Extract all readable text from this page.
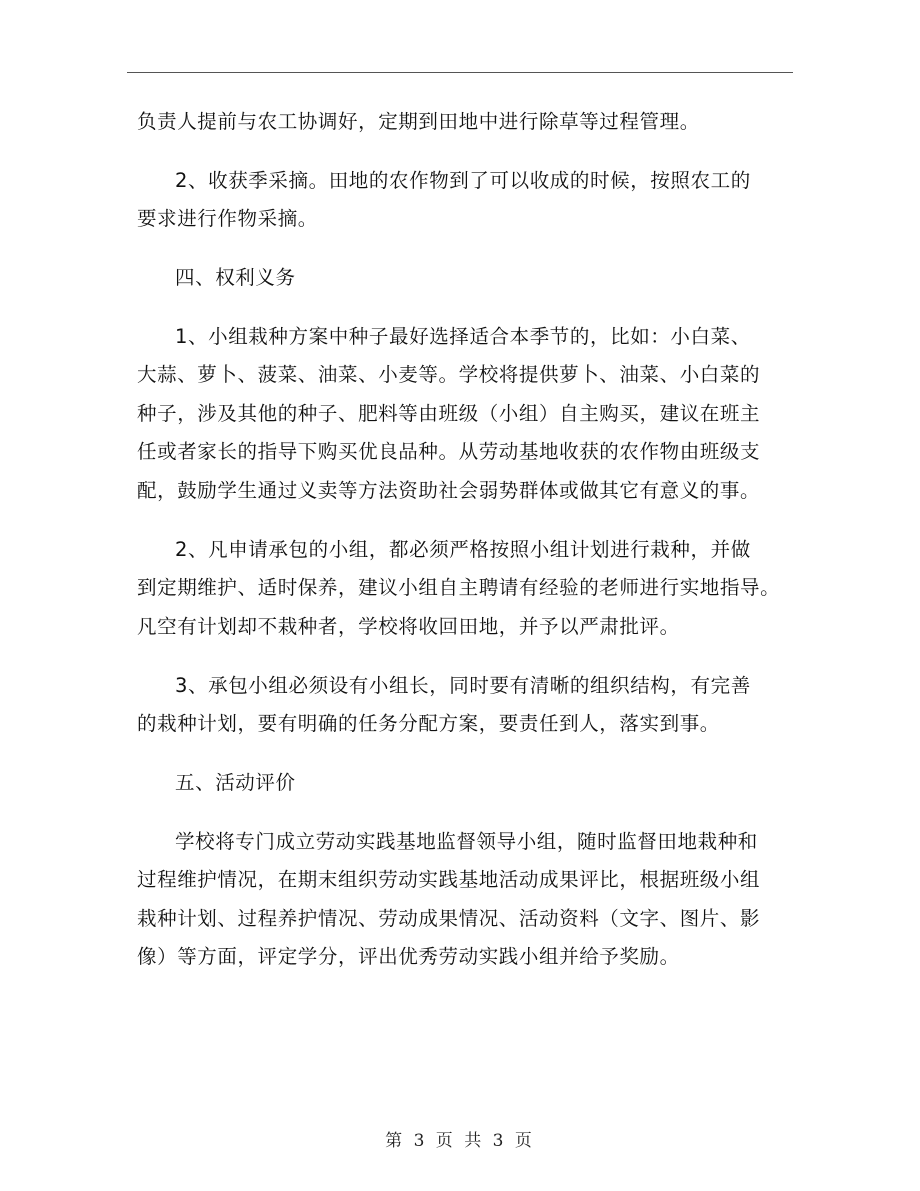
负责人提前与农工协调好，定期到田地中进行除草等过程管理。
2、收获季采摘。田地的农作物到了可以收成的时候，按照农工的
要求进行作物采摘。
四、权利义务
1、小组栽种方案中种子最好选择适合本季节的，比如：小白菜、
大蒜、萝卜、菠菜、油菜、小麦等。学校将提供萝卜、油菜、小白菜的
种子，涉及其他的种子、肥料等由班级（小组）自主购买，建议在班主
任或者家长的指导下购买优良品种。从劳动基地收获的农作物由班级支
配，鼓励学生通过义卖等方法资助社会弱势群体或做其它有意义的事。
2、凡申请承包的小组，都必须严格按照小组计划进行栽种，并做
到定期维护、适时保养，建议小组自主聘请有经验的老师进行实地指导。
凡空有计划却不栽种者，学校将收回田地，并予以严肃批评。
3、承包小组必须设有小组长，同时要有清晰的组织结构，有完善
的栽种计划，要有明确的任务分配方案，要责任到人，落实到事。
五、活动评价
学校将专门成立劳动实践基地监督领导小组，随时监督田地栽种和
过程维护情况，在期末组织劳动实践基地活动成果评比，根据班级小组
栽种计划、过程养护情况、劳动成果情况、活动资料（文字、图片、影
像）等方面，评定学分，评出优秀劳动实践小组并给予奖励。
第 3 页 共 3 页
